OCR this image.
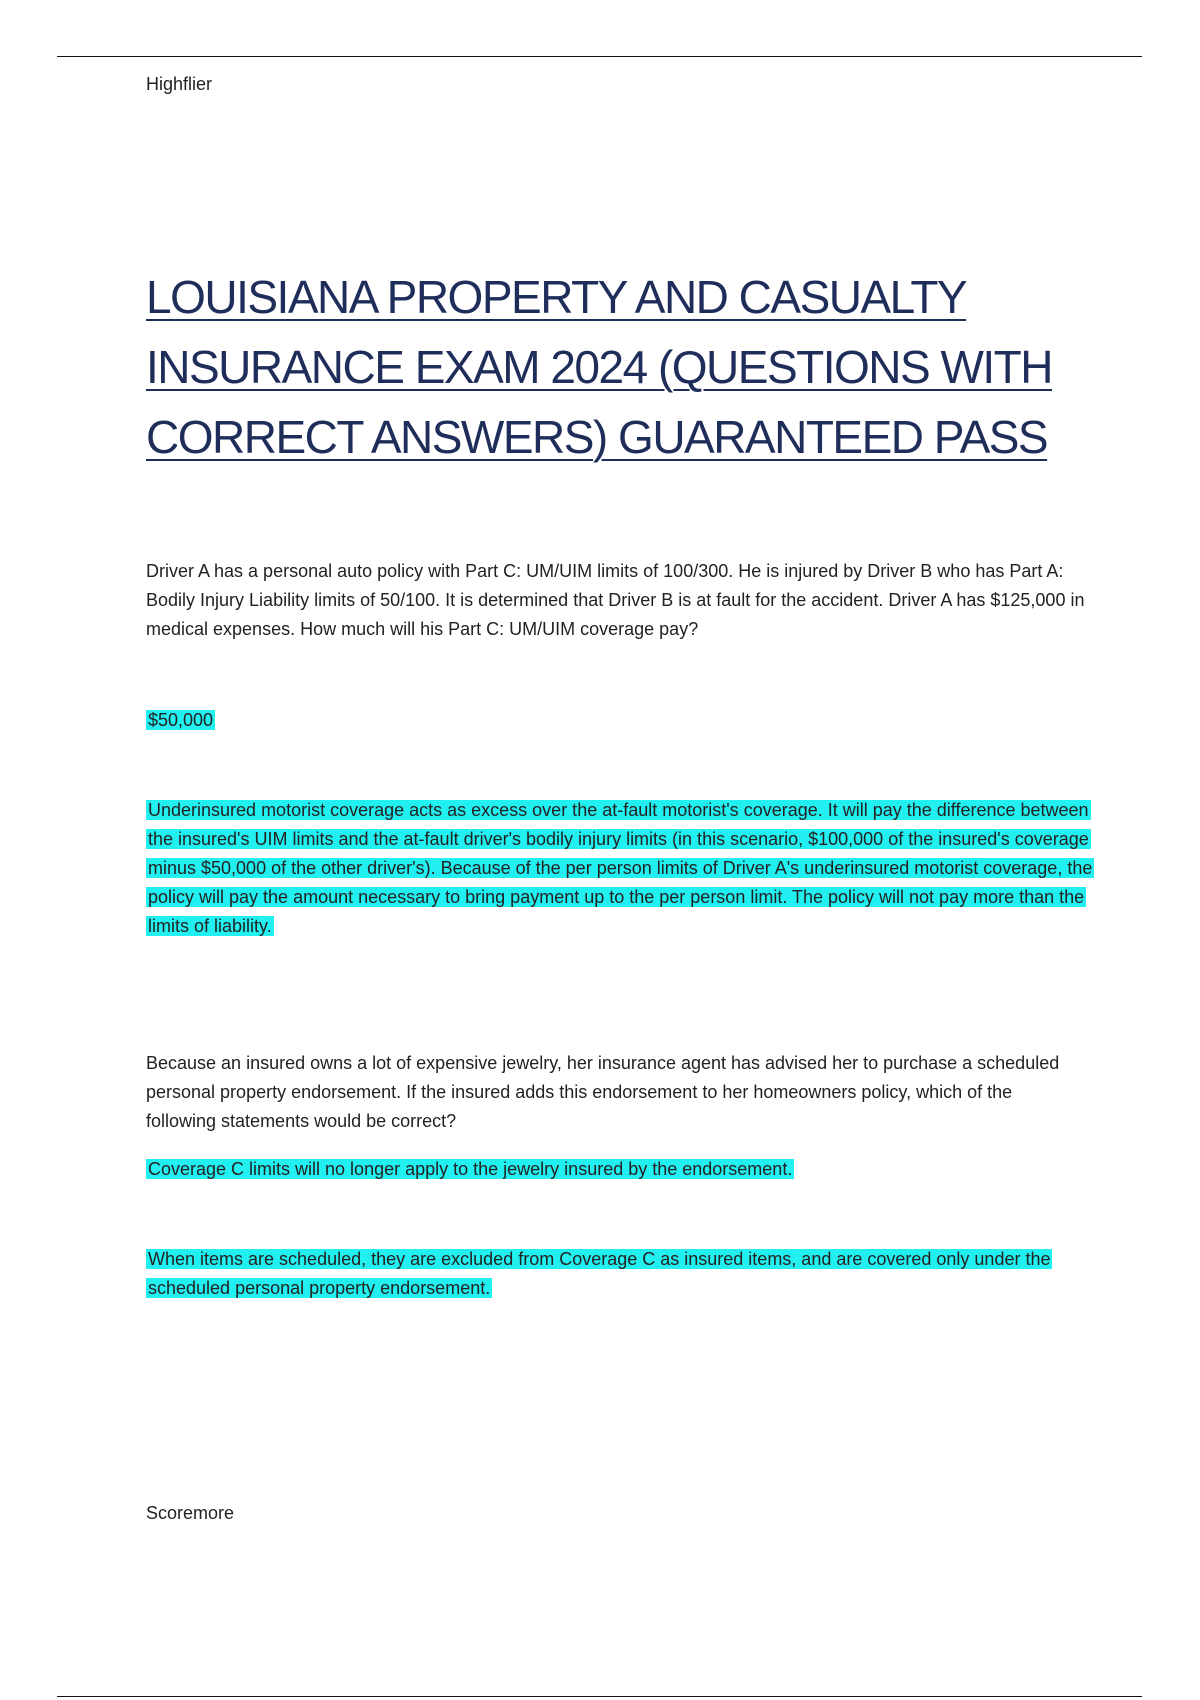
Highflier
LOUISIANA PROPERTY AND CASUALTY INSURANCE EXAM 2024 (QUESTIONS WITH CORRECT ANSWERS) GUARANTEED PASS

Driver A has a personal auto policy with Part C: UM/UIM limits of 100/300. He is injured by Driver B who has Part A: Bodily Injury Liability limits of 50/100. It is determined that Driver B is at fault for the accident. Driver A has $125,000 in medical expenses. How much will his Part C: UM/UIM coverage pay?

$50,000

Underinsured motorist coverage acts as excess over the at-fault motorist's coverage. It will pay the difference between the insured's UIM limits and the at-fault driver's bodily injury limits (in this scenario, $100,000 of the insured's coverage minus $50,000 of the other driver's). Because of the per person limits of Driver A's underinsured motorist coverage, the policy will pay the amount necessary to bring payment up to the per person limit. The policy will not pay more than the limits of liability.

Because an insured owns a lot of expensive jewelry, her insurance agent has advised her to purchase a scheduled personal property endorsement. If the insured adds this endorsement to her homeowners policy, which of the following statements would be correct?

Coverage C limits will no longer apply to the jewelry insured by the endorsement.

When items are scheduled, they are excluded from Coverage C as insured items, and are covered only under the scheduled personal property endorsement.

Scoremore
